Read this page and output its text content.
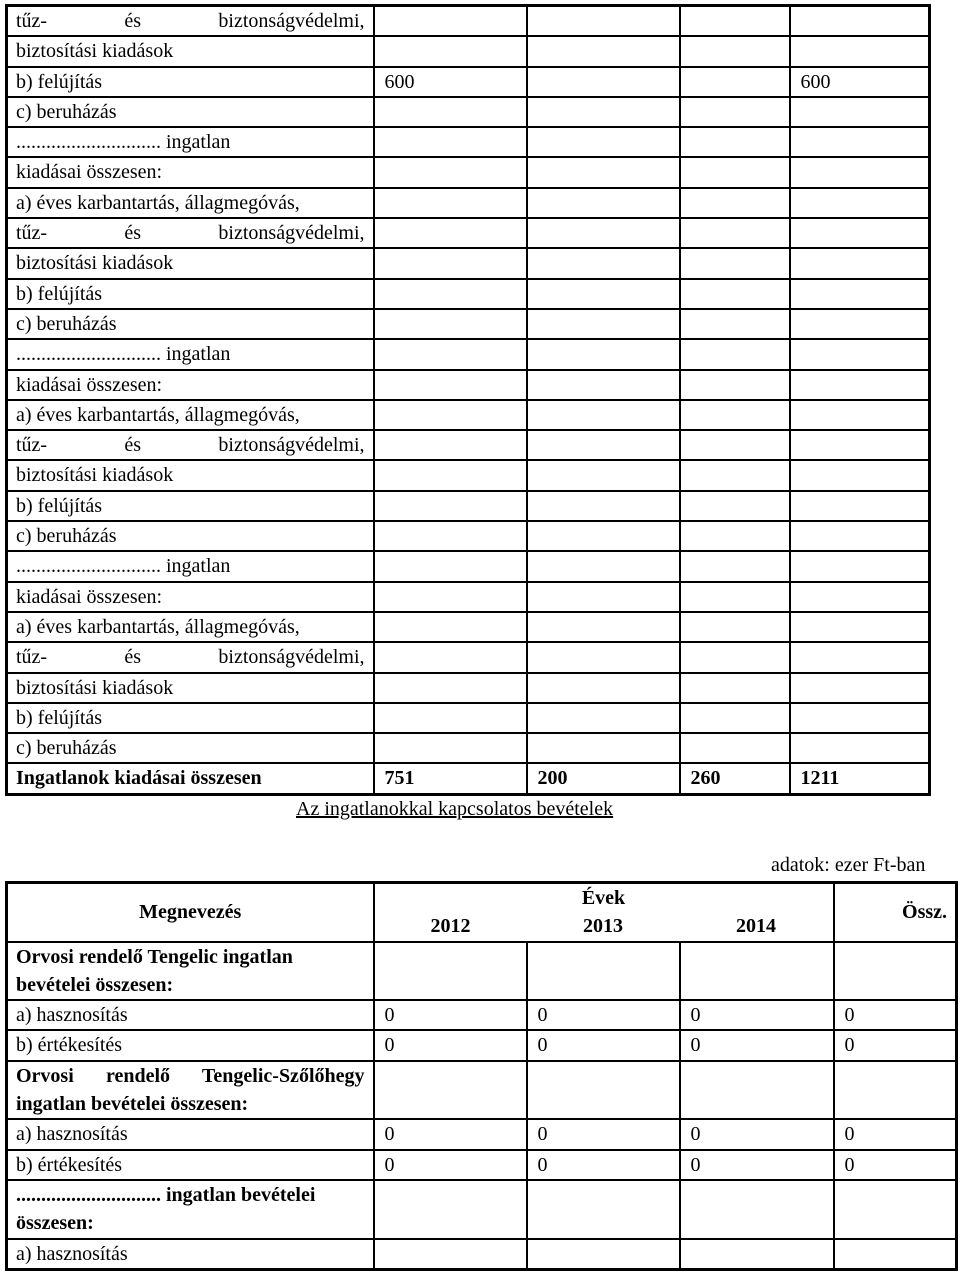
tűz- és biztonságvédelmi,				
biztosítási kiadások				
b) felújítás	600			600
c) beruházás				
............................. ingatlan				
kiadásai összesen:				
a) éves karbantartás, állagmegóvás,				
tűz- és biztonságvédelmi,				
biztosítási kiadások				
b) felújítás				
c) beruházás				
............................. ingatlan				
kiadásai összesen:				
a) éves karbantartás, állagmegóvás,				
tűz- és biztonságvédelmi,				
biztosítási kiadások				
b) felújítás				
c) beruházás				
............................. ingatlan				
kiadásai összesen:				
a) éves karbantartás, állagmegóvás,				
tűz- és biztonságvédelmi,				
biztosítási kiadások				
b) felújítás				
c) beruházás				
Ingatlanok kiadásai összesen	751	200	260	1211
Az ingatlanokkal kapcsolatos bevételek
adatok: ezer Ft-ban
Megnevezés	Évek			Össz.
	2012	2013	2014	
Orvosi rendelő Tengelic ingatlan bevételei összesen:				
a) hasznosítás	0	0	0	0
b) értékesítés	0	0	0	0
Orvosi rendelő Tengelic-Szőlőhegy ingatlan bevételei összesen:				
a) hasznosítás	0	0	0	0
b) értékesítés	0	0	0	0
............................. ingatlan bevételei összesen:				
a) hasznosítás				
